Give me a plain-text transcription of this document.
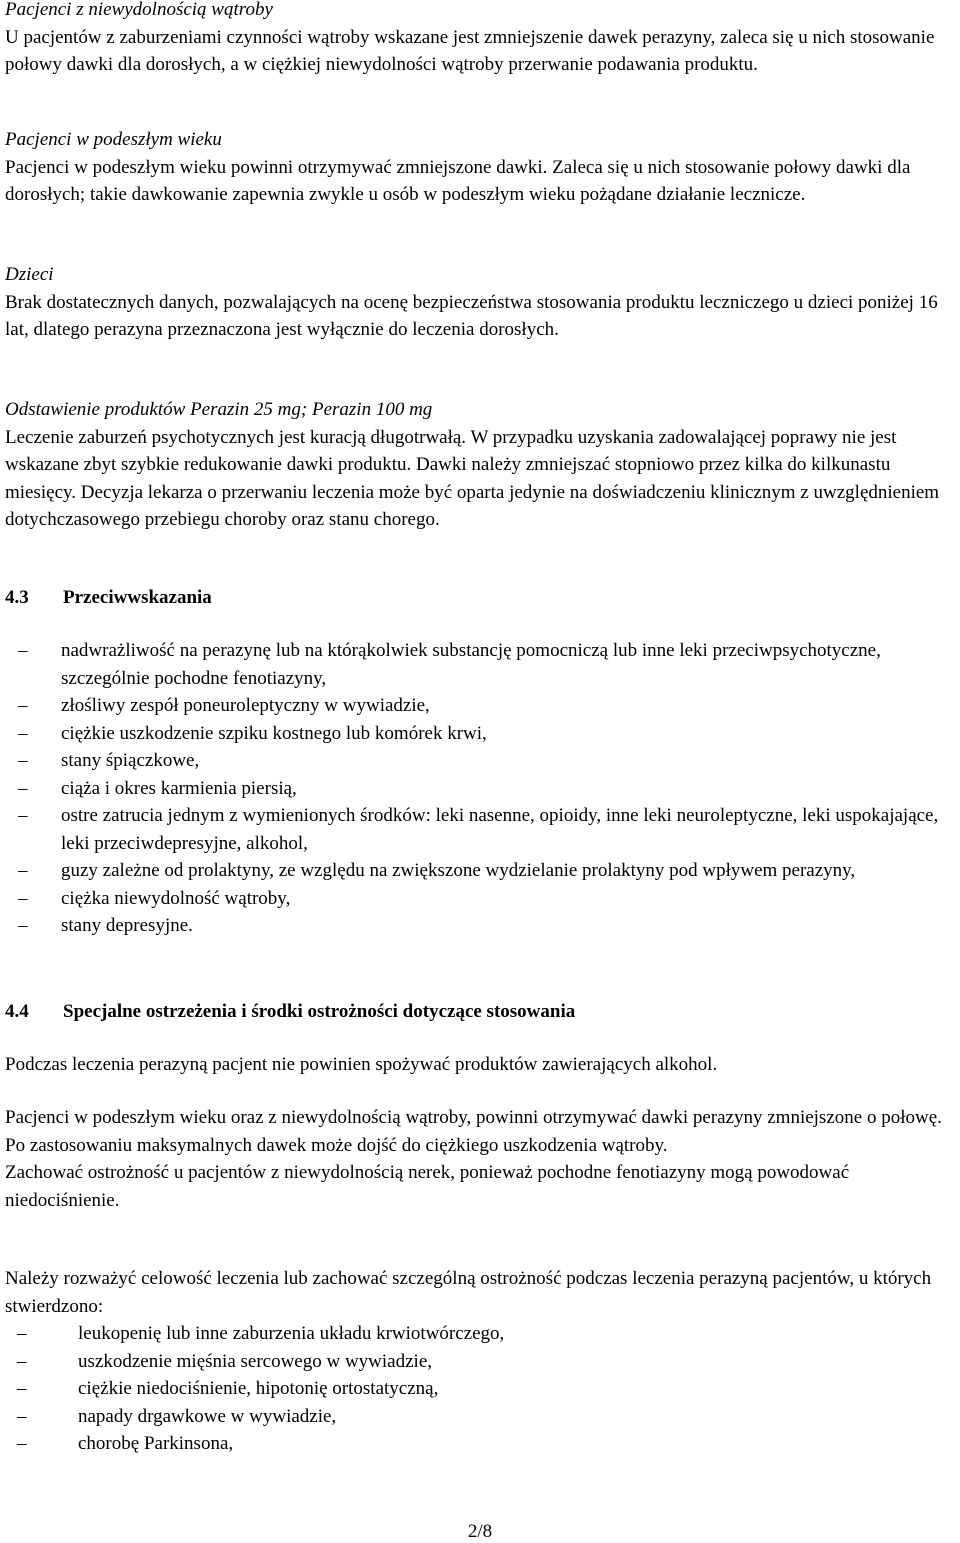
Pacjenci z niewydolnością wątroby
U pacjentów z zaburzeniami czynności wątroby wskazane jest zmniejszenie dawek perazyny, zaleca się u nich stosowanie połowy dawki dla dorosłych, a w ciężkiej niewydolności wątroby przerwanie podawania produktu.
Pacjenci w podeszłym wieku
Pacjenci w podeszłym wieku powinni otrzymywać zmniejszone dawki. Zaleca się u nich stosowanie połowy dawki dla dorosłych; takie dawkowanie zapewnia zwykle u osób w podeszłym wieku pożądane działanie lecznicze.
Dzieci
Brak dostatecznych danych, pozwalających na ocenę bezpieczeństwa stosowania produktu leczniczego u dzieci poniżej 16 lat, dlatego perazyna przeznaczona jest wyłącznie do leczenia dorosłych.
Odstawienie produktów Perazin 25 mg; Perazin 100 mg
Leczenie zaburzeń psychotycznych jest kuracją długotrwałą. W przypadku uzyskania zadowalającej poprawy nie jest wskazane zbyt szybkie redukowanie dawki produktu. Dawki należy zmniejszać stopniowo przez kilka do kilkunastu miesięcy. Decyzja lekarza o przerwaniu leczenia może być oparta jedynie na doświadczeniu klinicznym z uwzględnieniem dotychczasowego przebiegu choroby oraz stanu chorego.
4.3 Przeciwwskazania
– nadwrażliwość na perazynę lub na którąkolwiek substancję pomocniczą lub inne leki przeciwpsychotyczne, szczególnie pochodne fenotiazyny,
– złośliwy zespół poneuroleptyczny w wywiadzie,
– ciężkie uszkodzenie szpiku kostnego lub komórek krwi,
– stany śpiączkowe,
– ciąża i okres karmienia piersią,
– ostre zatrucia jednym z wymienionych środków: leki nasenne, opioidy, inne leki neuroleptyczne, leki uspokajające, leki przeciwdepresyjne, alkohol,
– guzy zależne od prolaktyny, ze względu na zwiększone wydzielanie prolaktyny pod wpływem perazyny,
– ciężka niewydolność wątroby,
– stany depresyjne.
4.4 Specjalne ostrzeżenia i środki ostrożności dotyczące stosowania
Podczas leczenia perazyną pacjent nie powinien spożywać produktów zawierających alkohol.
Pacjenci w podeszłym wieku oraz z niewydolnością wątroby, powinni otrzymywać dawki perazyny zmniejszone o połowę.
Po zastosowaniu maksymalnych dawek może dojść do ciężkiego uszkodzenia wątroby.
Zachować ostrożność u pacjentów z niewydolnością nerek, ponieważ pochodne fenotiazyny mogą powodować niedociśnienie.
Należy rozważyć celowość leczenia lub zachować szczególną ostrożność podczas leczenia perazyną pacjentów, u których stwierdzono:
–	leukopenię lub inne zaburzenia układu krwiotwórczego,
–	uszkodzenie mięśnia sercowego w wywiadzie,
–	ciężkie niedociśnienie, hipotonię ortostatyczną,
–	napady drgawkowe w wywiadzie,
–	chorobę Parkinsona,
2/8
